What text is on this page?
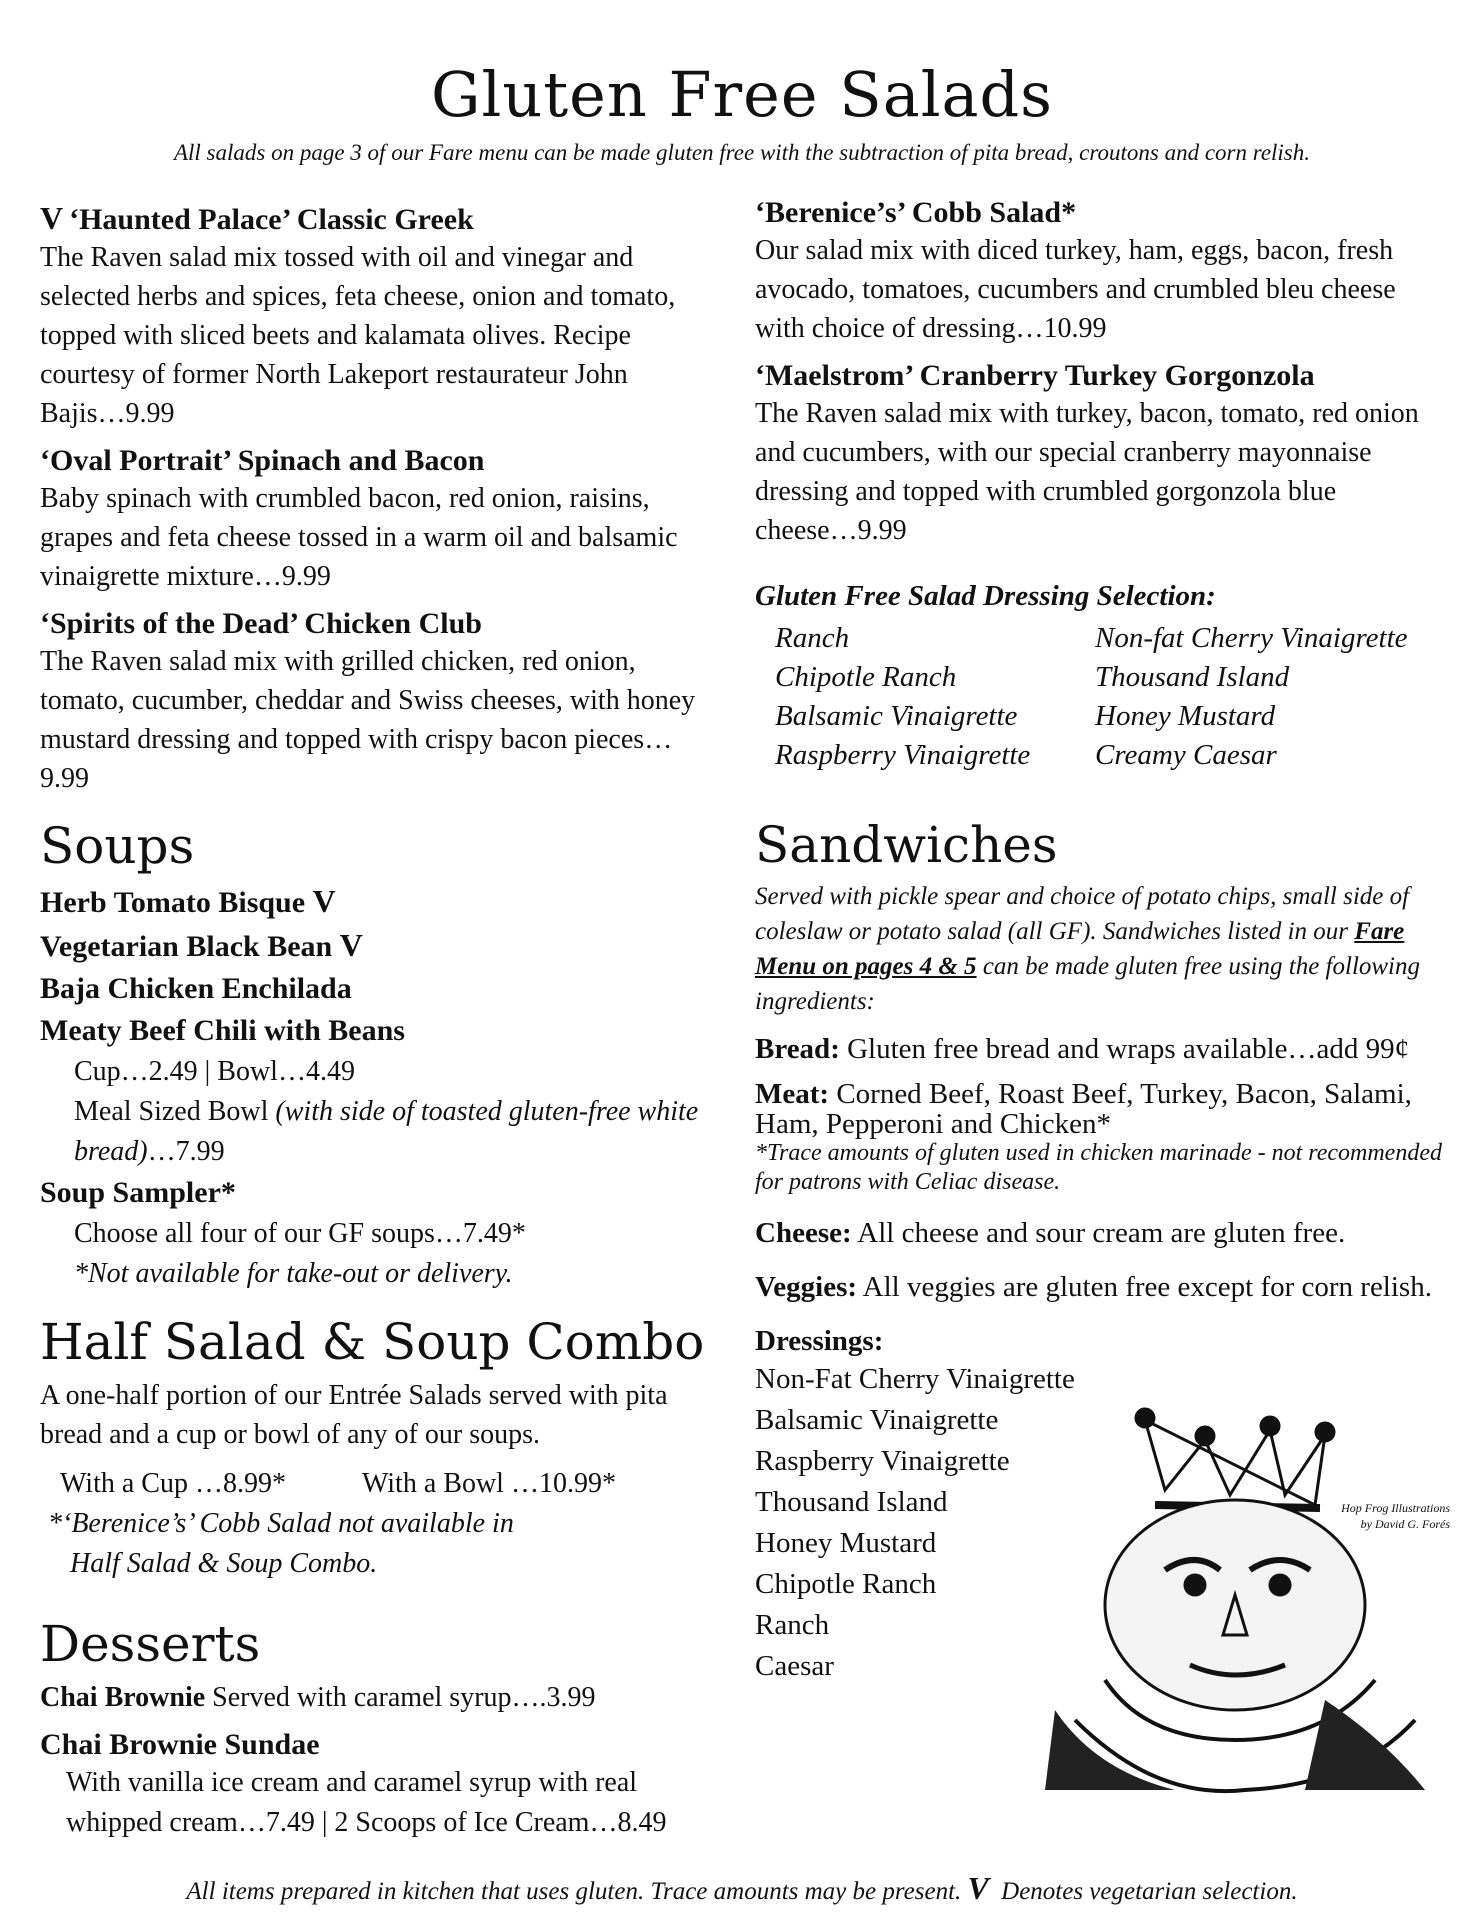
Gluten Free Salads
All salads on page 3 of our Fare menu can be made gluten free with the subtraction of pita bread, croutons and corn relish.

V ‘Haunted Palace’ Classic Greek

The Raven salad mix tossed with oil and vinegar and selected herbs and spices, feta cheese, onion and tomato, topped with sliced beets and kalamata olives. Recipe courtesy of former North Lakeport restaurateur John Bajis…9.99

‘Oval Portrait’ Spinach and Bacon

Baby spinach with crumbled bacon, red onion, raisins, grapes and feta cheese tossed in a warm oil and balsamic vinaigrette mixture…9.99

‘Spirits of the Dead’ Chicken Club

The Raven salad mix with grilled chicken, red onion, tomato, cucumber, cheddar and Swiss cheeses, with honey mustard dressing and topped with crispy bacon pieces…9.99

Soups
Herb Tomato Bisque V
Vegetarian Black Bean V
Baja Chicken Enchilada
Meaty Beef Chili with Beans
Cup…2.49 | Bowl…4.49
Meal Sized Bowl (with side of toasted gluten-free white bread)…7.99
Soup Sampler*
Choose all four of our GF soups…7.49*
*Not available for take-out or delivery.
Half Salad & Soup Combo
A one-half portion of our Entrée Salads served with pita bread and a cup or bowl of any of our soups.
With a Cup …8.99*	With a Bowl …10.99*
*‘Berenice’s’ Cobb Salad not available in
Half Salad & Soup Combo.
Desserts
Chai Brownie Served with caramel syrup….3.99
Chai Brownie Sundae
With vanilla ice cream and caramel syrup with real whipped cream…7.49 | 2 Scoops of Ice Cream…8.49

‘Berenice’s’ Cobb Salad*

Our salad mix with diced turkey, ham, eggs, bacon, fresh avocado, tomatoes, cucumbers and crumbled bleu cheese with choice of dressing…10.99

‘Maelstrom’ Cranberry Turkey Gorgonzola

The Raven salad mix with turkey, bacon, tomato, red onion and cucumbers, with our special cranberry mayonnaise dressing and topped with crumbled gorgonzola blue cheese…9.99

Gluten Free Salad Dressing Selection:
Ranch	Non-fat Cherry Vinaigrette
Chipotle Ranch	Thousand Island
Balsamic Vinaigrette	Honey Mustard
Raspberry Vinaigrette	Creamy Caesar
Sandwiches
Served with pickle spear and choice of potato chips, small side of coleslaw or potato salad (all GF). Sandwiches listed in our Fare Menu on pages 4 & 5 can be made gluten free using the following ingredients:
Bread: Gluten free bread and wraps available…add 99¢
Meat: Corned Beef, Roast Beef, Turkey, Bacon, Salami, Ham, Pepperoni and Chicken*
*Trace amounts of gluten used in chicken marinade - not recommended for patrons with Celiac disease.
Cheese: All cheese and sour cream are gluten free.
Veggies: All veggies are gluten free except for corn relish.
Dressings:
Non-Fat Cherry Vinaigrette
Balsamic Vinaigrette
Raspberry Vinaigrette
Thousand Island
Honey Mustard
Chipotle Ranch
Ranch
Caesar
Hop Frog Illustrations
by David G. Forés
All items prepared in kitchen that uses gluten. Trace amounts may be present. V Denotes vegetarian selection.
